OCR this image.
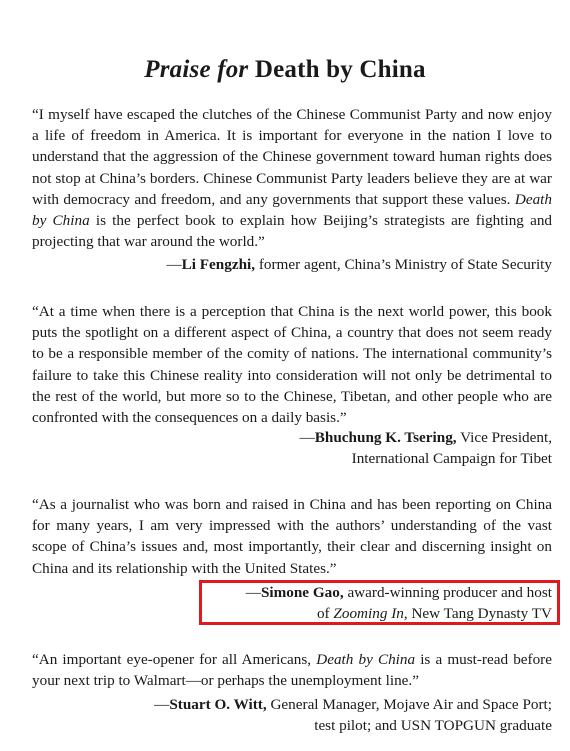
Praise for Death by China
“I myself have escaped the clutches of the Chinese Communist Party and now enjoy a life of freedom in America. It is important for everyone in the nation I love to understand that the aggression of the Chinese government toward human rights does not stop at China’s borders. Chinese Communist Party leaders believe they are at war with democracy and freedom, and any governments that support these values. Death by China is the perfect book to explain how Beijing’s strategists are fighting and projecting that war around the world.”
—Li Fengzhi, former agent, China’s Ministry of State Security
“At a time when there is a perception that China is the next world power, this book puts the spotlight on a different aspect of China, a country that does not seem ready to be a responsible member of the comity of nations. The international community’s failure to take this Chinese reality into consideration will not only be detrimental to the rest of the world, but more so to the Chinese, Tibetan, and other people who are confronted with the consequences on a daily basis.”
—Bhuchung K. Tsering, Vice President,
International Campaign for Tibet
“As a journalist who was born and raised in China and has been reporting on China for many years, I am very impressed with the authors’ understanding of the vast scope of China’s issues and, most importantly, their clear and discerning insight on China and its relationship with the United States.”
—Simone Gao, award-winning producer and host
of Zooming In, New Tang Dynasty TV
“An important eye-opener for all Americans, Death by China is a must-read before your next trip to Walmart—or perhaps the unemployment line.”
—Stuart O. Witt, General Manager, Mojave Air and Space Port;
test pilot; and USN TOPGUN graduate
